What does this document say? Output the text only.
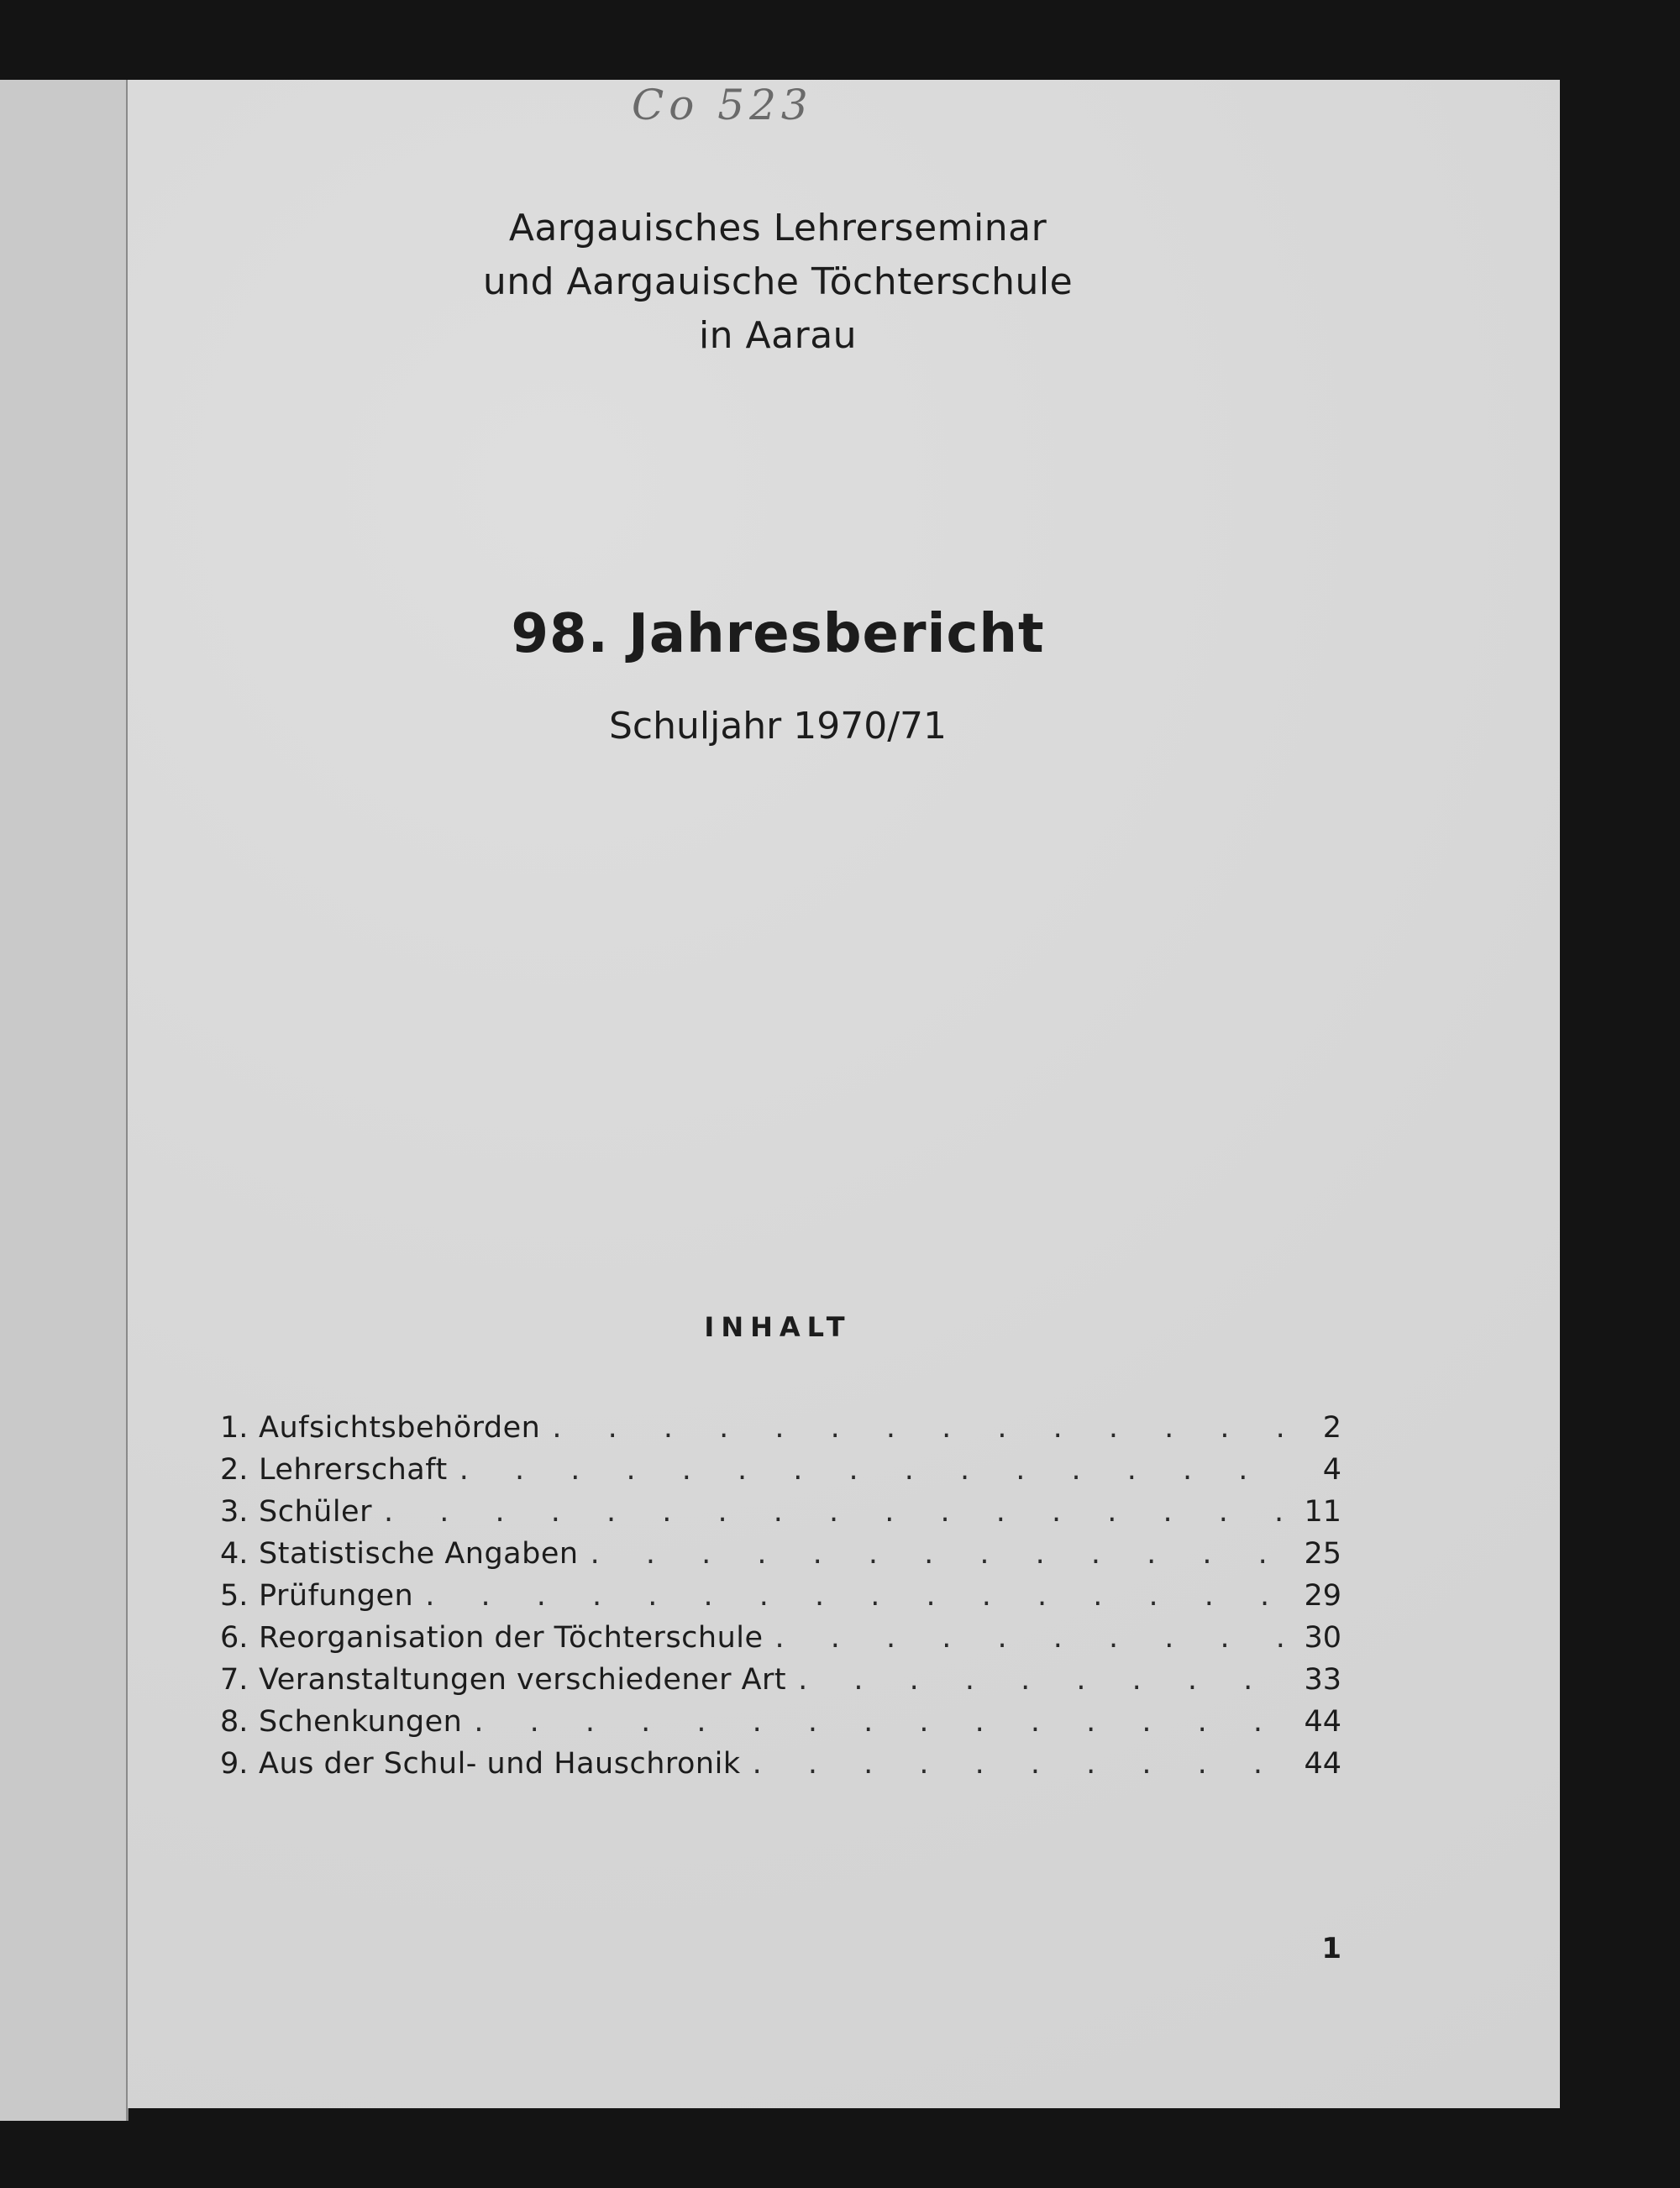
Co 523
Aargauisches Lehrerseminar
und Aargauische Töchterschule
in Aarau
98. Jahresbericht
Schuljahr 1970/71
INHALT
1. Aufsichtsbehörden . . .	2
2. Lehrerschaft . . .	4
3. Schüler . . .	11
4. Statistische Angaben . . .	25
5. Prüfungen . . .	29
6. Reorganisation der Töchterschule . . .	30
7. Veranstaltungen verschiedener Art . . .	33
8. Schenkungen . . .	44
9. Aus der Schul- und Hauschronik . . .	44
1
